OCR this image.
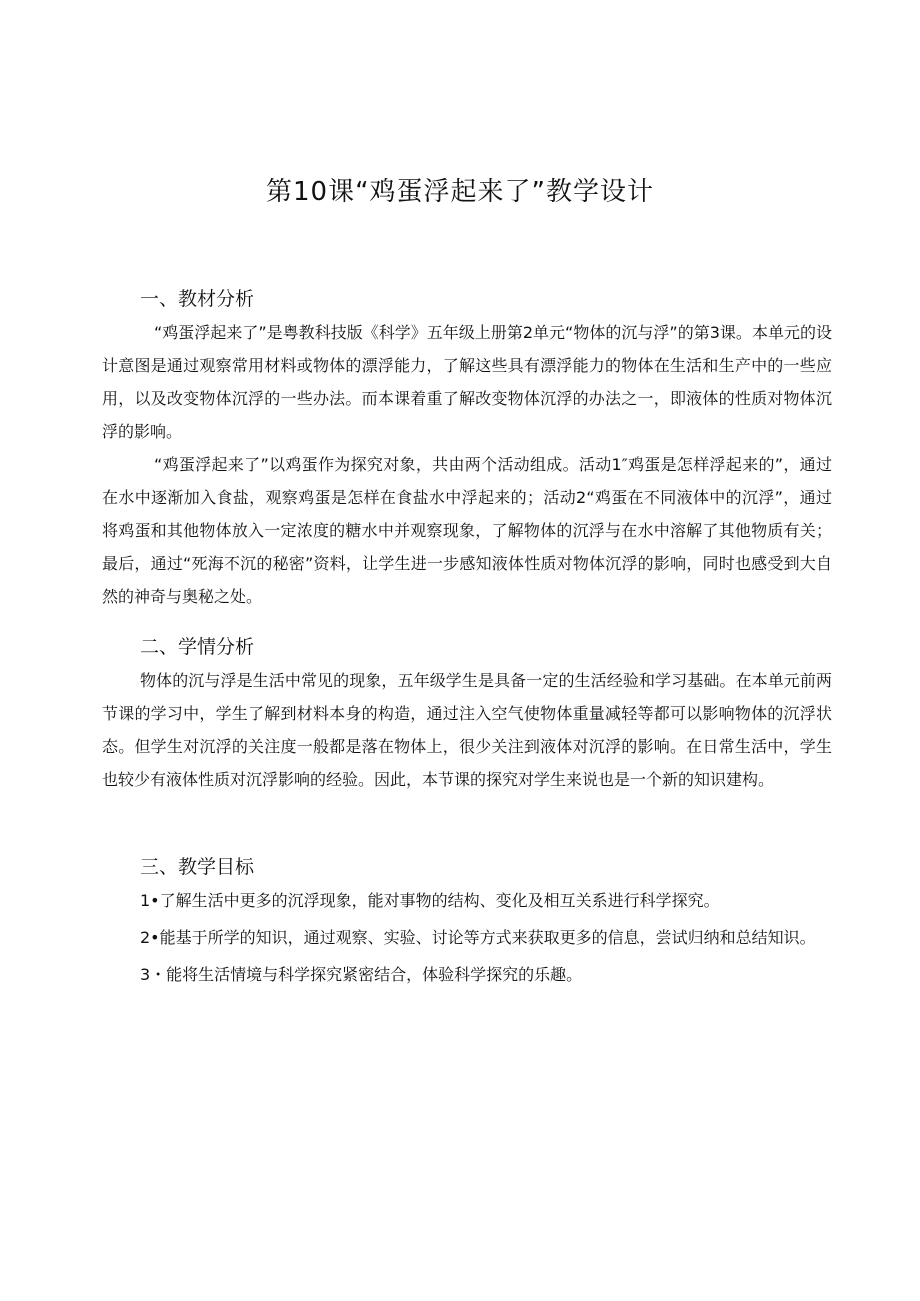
第10课“鸡蛋浮起来了”教学设计
一、教材分析

“鸡蛋浮起来了”是粤教科技版《科学》五年级上册第2单元“物体的沉与浮”的第3课。本单元的设计意图是通过观察常用材料或物体的漂浮能力，了解这些具有漂浮能力的物体在生活和生产中的一些应用，以及改变物体沉浮的一些办法。而本课着重了解改变物体沉浮的办法之一，即液体的性质对物体沉浮的影响。

“鸡蛋浮起来了”以鸡蛋作为探究对象，共由两个活动组成。活动1″鸡蛋是怎样浮起来的”，通过在水中逐渐加入食盐，观察鸡蛋是怎样在食盐水中浮起来的；活动2“鸡蛋在不同液体中的沉浮”，通过将鸡蛋和其他物体放入一定浓度的糖水中并观察现象，了解物体的沉浮与在水中溶解了其他物质有关；最后，通过“死海不沉的秘密”资料，让学生进一步感知液体性质对物体沉浮的影响，同时也感受到大自然的神奇与奥秘之处。

二、学情分析

物体的沉与浮是生活中常见的现象，五年级学生是具备一定的生活经验和学习基础。在本单元前两节课的学习中，学生了解到材料本身的构造，通过注入空气使物体重量减轻等都可以影响物体的沉浮状态。但学生对沉浮的关注度一般都是落在物体上，很少关注到液体对沉浮的影响。在日常生活中，学生也较少有液体性质对沉浮影响的经验。因此，本节课的探究对学生来说也是一个新的知识建构。

三、教学目标

1•了解生活中更多的沉浮现象，能对事物的结构、变化及相互关系进行科学探究。

2•能基于所学的知识，通过观察、实验、讨论等方式来获取更多的信息，尝试归纳和总结知识。

3・能将生活情境与科学探究紧密结合，体验科学探究的乐趣。
